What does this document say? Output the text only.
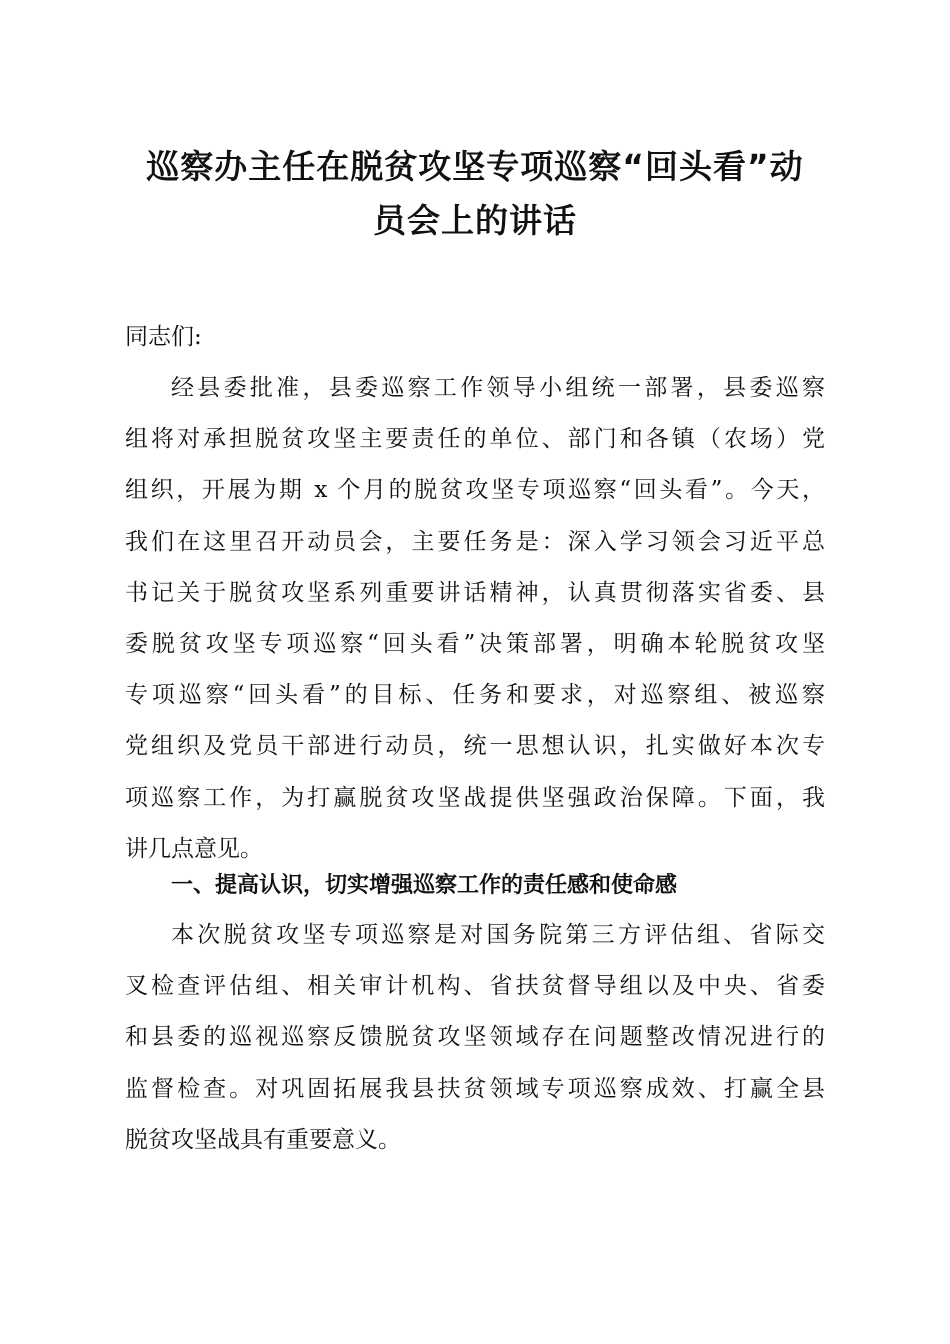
巡察办主任在脱贫攻坚专项巡察“回头看”动
员会上的讲话
同志们:
经县委批准，县委巡察工作领导小组统一部署，县委巡察
组将对承担脱贫攻坚主要责任的单位、部门和各镇（农场）党
组织，开展为期 x 个月的脱贫攻坚专项巡察“回头看”。今天，
我们在这里召开动员会，主要任务是：深入学习领会习近平总
书记关于脱贫攻坚系列重要讲话精神，认真贯彻落实省委、县
委脱贫攻坚专项巡察“回头看”决策部署，明确本轮脱贫攻坚
专项巡察“回头看”的目标、任务和要求，对巡察组、被巡察
党组织及党员干部进行动员，统一思想认识，扎实做好本次专
项巡察工作，为打赢脱贫攻坚战提供坚强政治保障。下面，我
讲几点意见。
一、提高认识，切实增强巡察工作的责任感和使命感
本次脱贫攻坚专项巡察是对国务院第三方评估组、省际交
叉检查评估组、相关审计机构、省扶贫督导组以及中央、省委
和县委的巡视巡察反馈脱贫攻坚领域存在问题整改情况进行的
监督检查。对巩固拓展我县扶贫领域专项巡察成效、打赢全县
脱贫攻坚战具有重要意义。
